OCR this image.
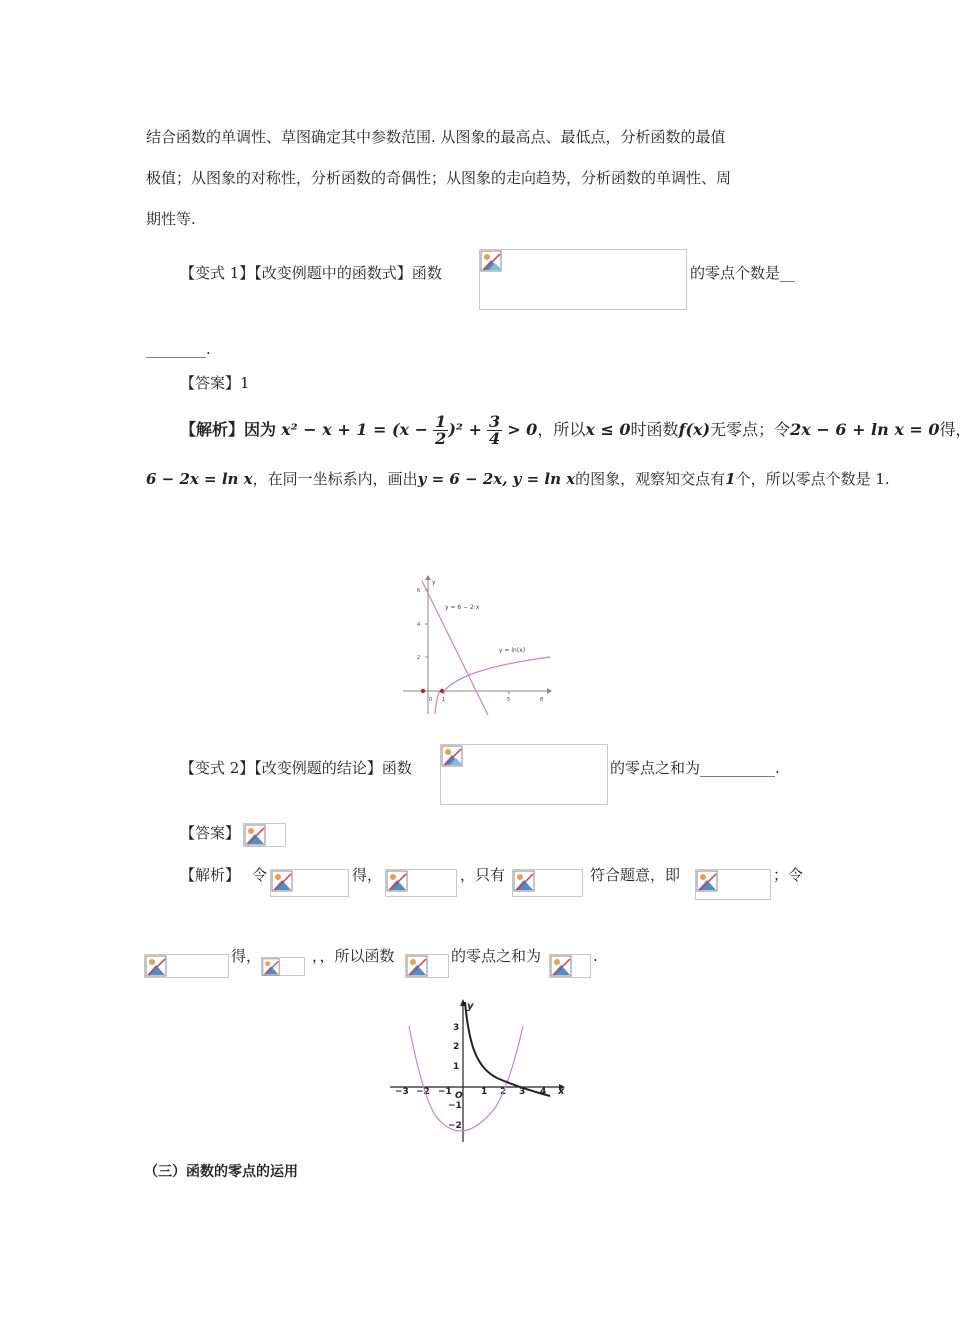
结合函数的单调性、草图确定其中参数范围. 从图象的最高点、最低点，分析函数的最值
极值；从图象的对称性，分析函数的奇偶性；从图象的走向趋势，分析函数的单调性、周
期性等.
【变式 1】【改变例题中的函数式】函数	的零点个数是__
________.
【答案】1
【解析】因为 $x^2 - x + 1 = (x - \frac{1}{2} )^2 + \frac{3}{4} > 0$，所以x ≤ 0时函数f(x)无零点；令2x − 6 + ln x = 0得，
6 − 2x = ln x，在同一坐标系内，画出y = 6 − 2x, y = ln x的图象，观察知交点有1个，所以零点个数是 1.
y
6
4
2
0 1	5	8
y = 6 − 2·x
y = ln(x)
【变式 2】【改变例题的结论】函数	的零点之和为__________.
【答案】
【解析】 令	得，	，只有	符合题意，即	；令
得，	，，所以函数	的零点之和为	.
y
x
O
−3 −2 −1	1 2 3 4
3
2
1
−1
−2
（三）函数的零点的运用
